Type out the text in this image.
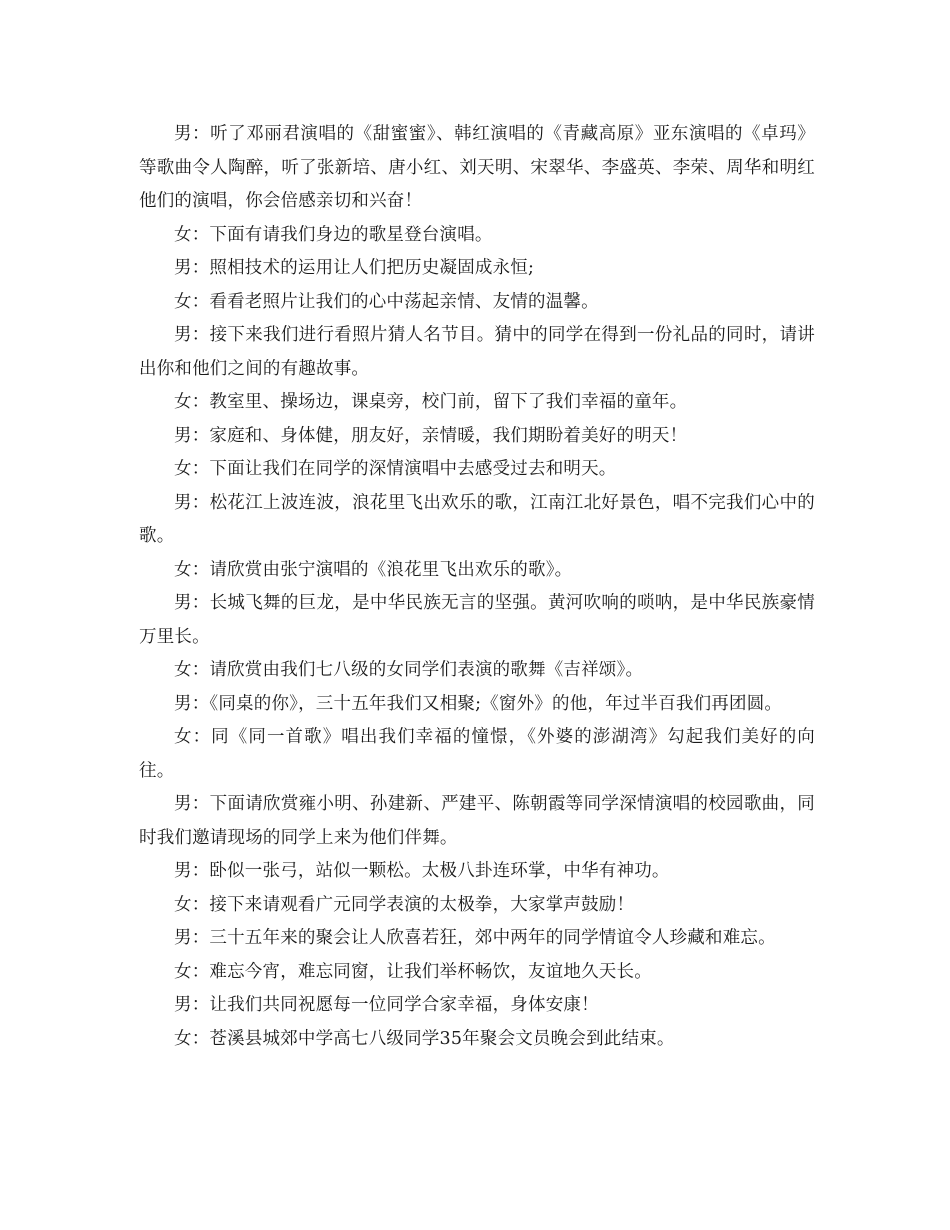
男：听了邓丽君演唱的《甜蜜蜜》、韩红演唱的《青藏高原》亚东演唱的《卓玛》等歌曲令人陶醉，听了张新培、唐小红、刘天明、宋翠华、李盛英、李荣、周华和明红他们的演唱，你会倍感亲切和兴奋！

女：下面有请我们身边的歌星登台演唱。

男：照相技术的运用让人们把历史凝固成永恒;

女：看看老照片让我们的心中荡起亲情、友情的温馨。

男：接下来我们进行看照片猜人名节目。猜中的同学在得到一份礼品的同时，请讲出你和他们之间的有趣故事。

女：教室里、操场边，课桌旁，校门前，留下了我们幸福的童年。

男：家庭和、身体健，朋友好，亲情暖，我们期盼着美好的明天！

女：下面让我们在同学的深情演唱中去感受过去和明天。

男：松花江上波连波，浪花里飞出欢乐的歌，江南江北好景色，唱不完我们心中的歌。

女：请欣赏由张宁演唱的《浪花里飞出欢乐的歌》。

男：长城飞舞的巨龙，是中华民族无言的坚强。黄河吹响的唢呐，是中华民族豪情万里长。

女：请欣赏由我们七八级的女同学们表演的歌舞《吉祥颂》。

男：《同桌的你》，三十五年我们又相聚;《窗外》的他，年过半百我们再团圆。

女：同《同一首歌》唱出我们幸福的憧憬，《外婆的澎湖湾》勾起我们美好的向往。

男：下面请欣赏雍小明、孙建新、严建平、陈朝霞等同学深情演唱的校园歌曲，同时我们邀请现场的同学上来为他们伴舞。

男：卧似一张弓，站似一颗松。太极八卦连环掌，中华有神功。

女：接下来请观看广元同学表演的太极拳，大家掌声鼓励！

男：三十五年来的聚会让人欣喜若狂，郊中两年的同学情谊令人珍藏和难忘。

女：难忘今宵，难忘同窗，让我们举杯畅饮，友谊地久天长。

男：让我们共同祝愿每一位同学合家幸福，身体安康！

女：苍溪县城郊中学高七八级同学35年聚会文员晚会到此结束。
